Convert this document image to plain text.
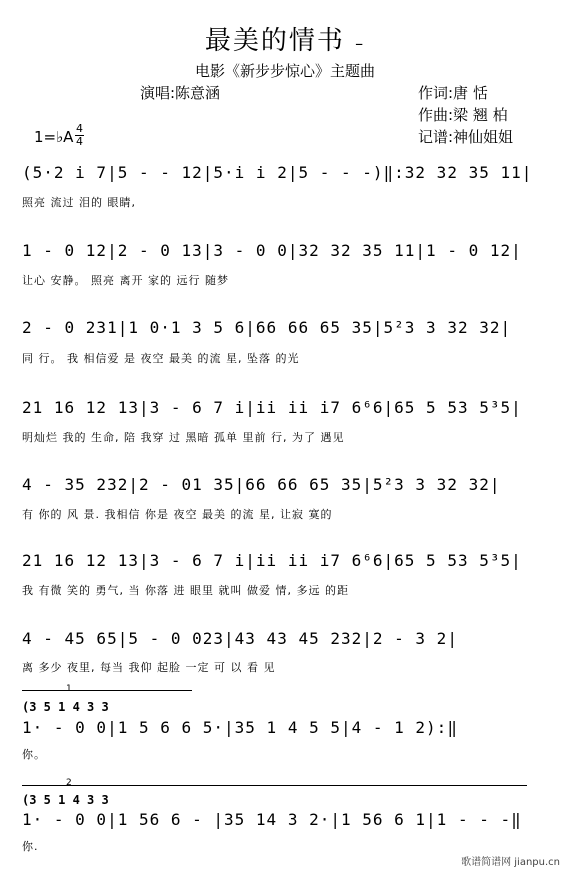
最美的情书 –
电影《新步步惊心》主题曲
演唱:陈意涵	作词:唐 恬
作曲:梁 翘 柏
记谱:神仙姐姐
1=♭A 4
4
(5·2 i 7|5 - - 12|5·i i 2|5 - - -)‖:32 32 35 11|
照亮 流过 泪的 眼睛,
1 - 0 12|2 - 0 13|3 - 0 0|32 32 35 11|1 - 0 12|
让心 安静。 照亮 离开 家的 远行 随梦
2 - 0 231|1 0·1 3 5 6|66 66 65 35|5²3 3 32 32|
同 行。 我 相信爱 是 夜空 最美 的流 星, 坠落 的光
21 16 12 13|3 - 6 7 i|ii ii i7 6⁶6|65 5 53 5³5|
明灿烂 我的 生命, 陪 我穿 过 黑暗 孤单 里前 行, 为了 遇见
4 - 35 232|2 - 01 35|66 66 65 35|5²3 3 32 32|
有 你的 风 景. 我相信 你是 夜空 最美 的流 星, 让寂 寞的
21 16 12 13|3 - 6 7 i|ii ii i7 6⁶6|65 5 53 5³5|
我 有微 笑的 勇气, 当 你落 进 眼里 就叫 做爱 情, 多远 的距
4 - 45 65|5 - 0 023|43 43 45 232|2 - 3 2|
离 多少 夜里, 每当 我仰 起脸 一定 可 以 看 见
1
(3 5 1 4 3 3
1· - 0 0|1 5 6 6 5·|35 1 4 5 5|4 - 1 2):‖
你。
2
(3 5 1 4 3 3
1· - 0 0|1 56 6 - |35 14 3 2·|1 56 6 1|1 - - -‖
你.
歌谱简谱网 jianpu.cn
